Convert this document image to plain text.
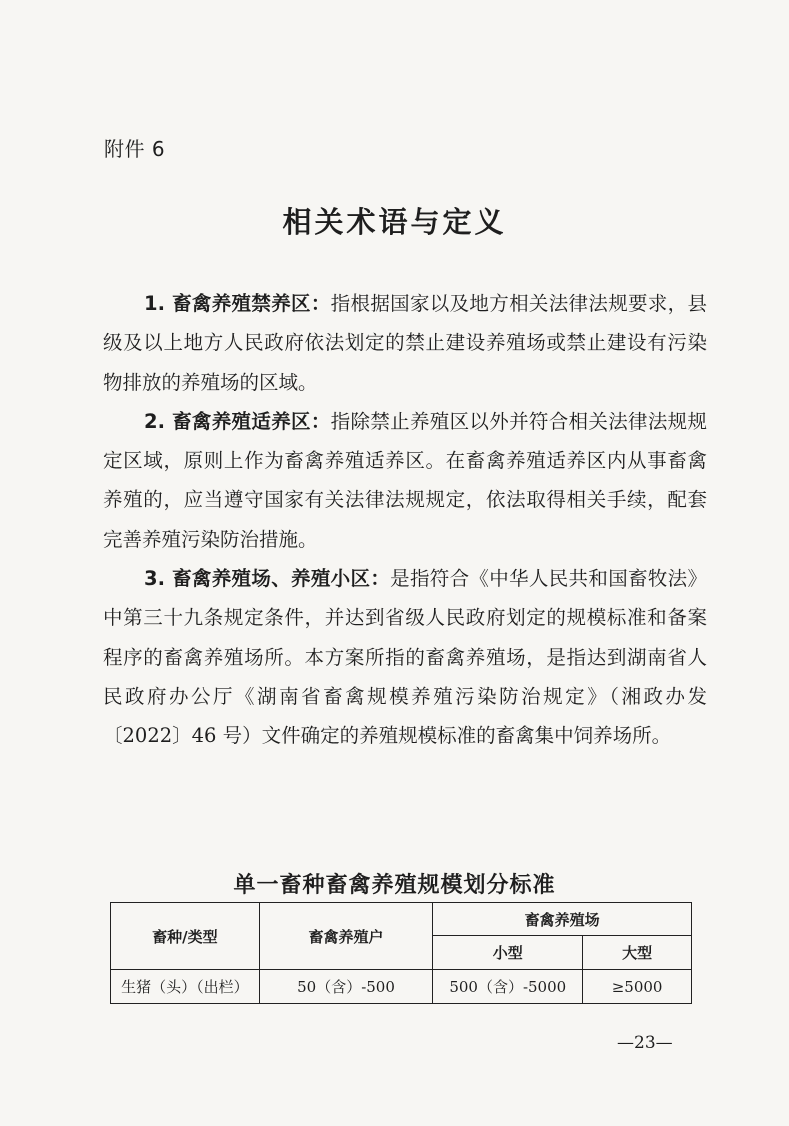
附件 6
相关术语与定义

1. 畜禽养殖禁养区：指根据国家以及地方相关法律法规要求，县级及以上地方人民政府依法划定的禁止建设养殖场或禁止建设有污染物排放的养殖场的区域。

2. 畜禽养殖适养区：指除禁止养殖区以外并符合相关法律法规规定区域，原则上作为畜禽养殖适养区。在畜禽养殖适养区内从事畜禽养殖的，应当遵守国家有关法律法规规定，依法取得相关手续，配套完善养殖污染防治措施。

3. 畜禽养殖场、养殖小区：是指符合《中华人民共和国畜牧法》中第三十九条规定条件，并达到省级人民政府划定的规模标准和备案程序的畜禽养殖场所。本方案所指的畜禽养殖场，是指达到湖南省人民政府办公厅《湖南省畜禽规模养殖污染防治规定》（湘政办发〔2022〕46 号）文件确定的养殖规模标准的畜禽集中饲养场所。

单一畜种畜禽养殖规模划分标准
畜种/类型	畜禽养殖户	畜禽养殖场	
		小型	大型
生猪（头）（出栏）	50（含）-500	500（含）-5000	≥5000
—23—
